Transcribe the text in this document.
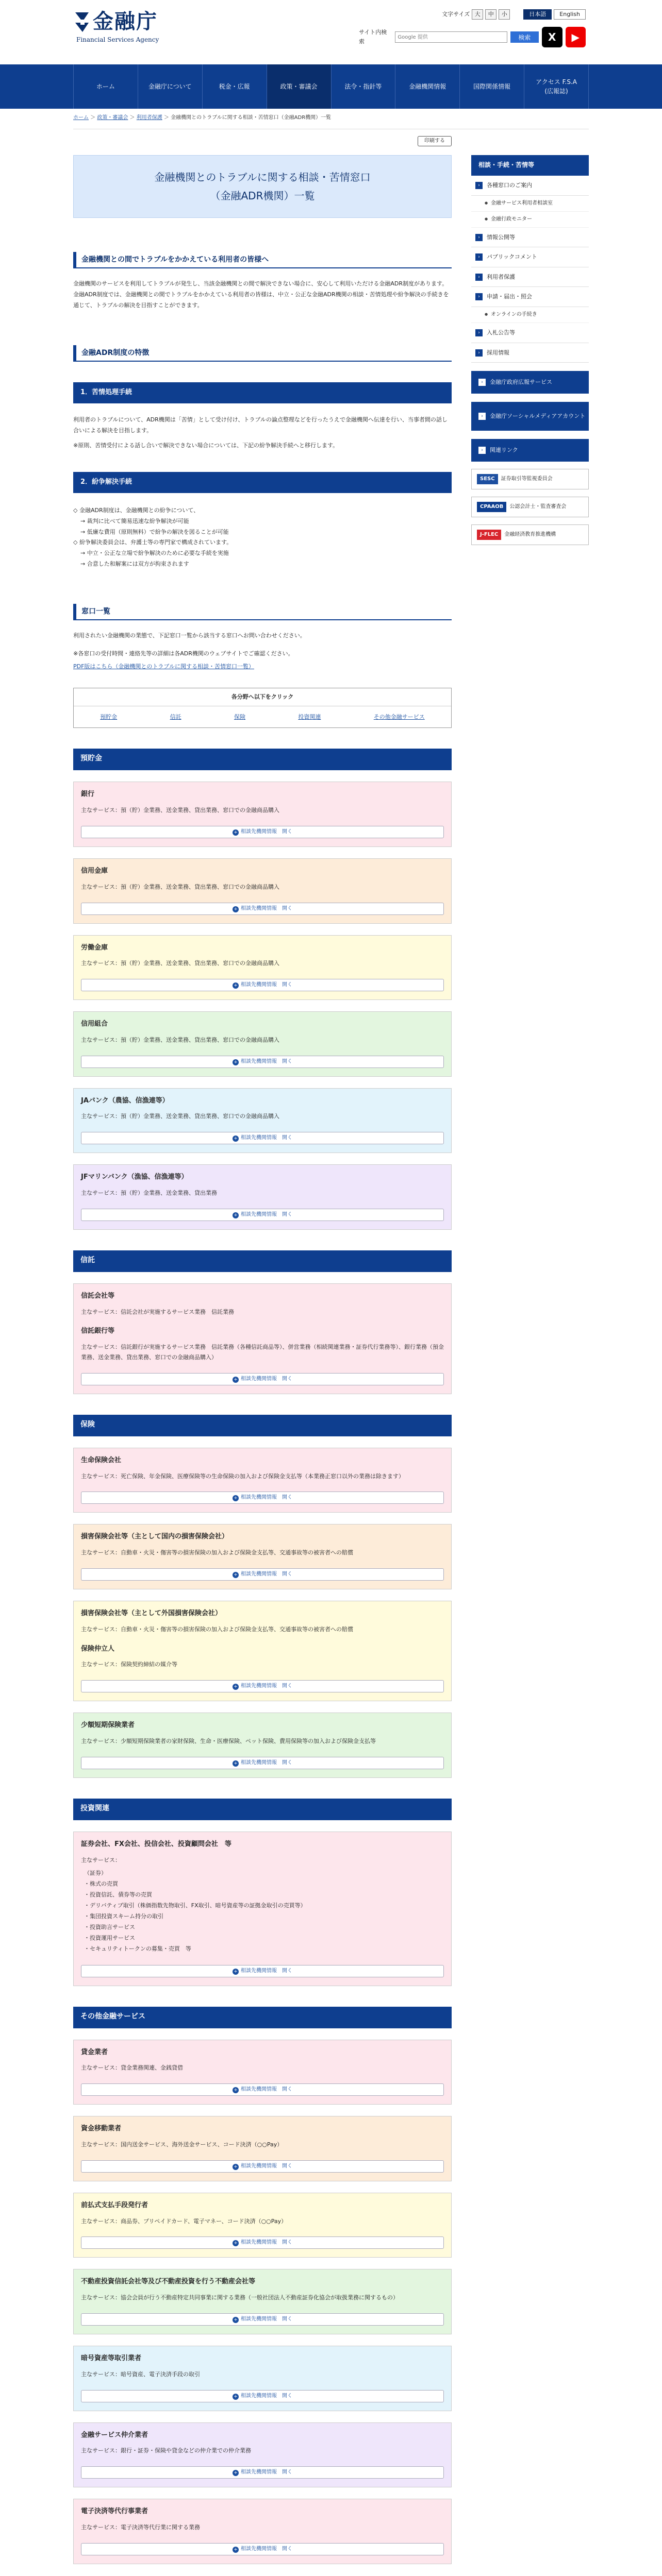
金融庁
Financial Services Agency
文字サイズ 大	中	小	日本語	English
サイト内検索
Google 提供
検索	X	▶
ホーム	金融庁について	税金・広報	政策・審議会	法令・指針等	金融機関情報	国際関係情報
アクセス F.S.A
(広報誌)
ホーム ＞ 政策・審議会 ＞ 利用者保護 ＞ 金融機関とのトラブルに関する相談・苦情窓口（金融ADR機関）一覧
印刷する
金融機関とのトラブルに関する相談・苦情窓口
（金融ADR機関）一覧
金融機関との間でトラブルをかかえている利用者の皆様へ

金融機関のサービスを利用してトラブルが発生し、当該金融機関との間で解決できない場合に、安心して利用いただける金融ADR制度があります。金融ADR制度では、金融機関との間でトラブルをかかえている利用者の皆様は、中立・公正な金融ADR機関の相談・苦情処理や紛争解決の手続きを通じて、トラブルの解決を目指すことができます。

金融ADR制度の特徴
1．苦情処理手続

利用者のトラブルについて、ADR機関は「苦情」として受け付け、トラブルの論点整理などを行ったうえで金融機関へ伝達を行い、当事者間の話し合いによる解決を目指します。

※原則、苦情受付による話し合いで解決できない場合については、下記の紛争解決手続へと移行します。

2．紛争解決手続
◇ 金融ADR制度は、金融機関との紛争について、
→ 裁判に比べて簡易迅速な紛争解決が可能
→ 低廉な費用（原則無料）で紛争の解決を図ることが可能
◇ 紛争解決委員会は、弁護士等の専門家で構成されています。
→ 中立・公正な立場で紛争解決のために必要な手続を実施
→ 合意した和解案には双方が拘束されます
窓口一覧

利用されたい金融機関の業態で、下記窓口一覧から該当する窓口へお問い合わせください。

※各窓口の受付時間・連絡先等の詳細は各ADR機関のウェブサイトでご確認ください。

PDF版はこちら（金融機関とのトラブルに関する相談・苦情窓口一覧）

各分野へ以下をクリック
預貯金	信託	保険	投資関連	その他金融サービス
預貯金
銀行
主なサービス：預（貯）金業務、送金業務、貸出業務、窓口での金融商品購入
+ 相談先機関情報　開く
信用金庫
主なサービス：預（貯）金業務、送金業務、貸出業務、窓口での金融商品購入
+ 相談先機関情報　開く
労働金庫
主なサービス：預（貯）金業務、送金業務、貸出業務、窓口での金融商品購入
+ 相談先機関情報　開く
信用組合
主なサービス：預（貯）金業務、送金業務、貸出業務、窓口での金融商品購入
+ 相談先機関情報　開く
JAバンク（農協、信漁連等）
主なサービス：預（貯）金業務、送金業務、貸出業務、窓口での金融商品購入
+ 相談先機関情報　開く
JFマリンバンク（漁協、信漁連等）
主なサービス：預（貯）金業務、送金業務、貸出業務
+ 相談先機関情報　開く
信託
信託会社等
主なサービス：信託会社が実施するサービス業務　信託業務
信託銀行等
主なサービス：信託銀行が実施するサービス業務　信託業務（各種信託商品等）、併営業務（相続関連業務・証券代行業務等）、銀行業務（預金業務、送金業務、貸出業務、窓口での金融商品購入）
+ 相談先機関情報　開く
保険
生命保険会社
主なサービス：死亡保険、年金保険、医療保険等の生命保険の加入および保険金支払等（本業務正窓口以外の業務は除きます）
+ 相談先機関情報　開く
損害保険会社等（主として国内の損害保険会社）
主なサービス：自動車・火災・傷害等の損害保険の加入および保険金支払等、交通事故等の被害者への賠償
+ 相談先機関情報　開く
損害保険会社等（主として外国損害保険会社）
主なサービス：自動車・火災・傷害等の損害保険の加入および保険金支払等、交通事故等の被害者への賠償
保険仲立人
主なサービス：保険契約締結の媒介等
+ 相談先機関情報　開く
少額短期保険業者
主なサービス：少額短期保険業者の家財保険、生命・医療保険、ペット保険、費用保険等の加入および保険金支払等
+ 相談先機関情報　開く
投資関連
証券会社、FX会社、投信会社、投資顧問会社　等
主なサービス：
（証券）
・株式の売買
・投資信託、債券等の売買
・デリバティブ取引（株価指数先物取引、FX取引、暗号資産等の証拠金取引の売買等）
・集団投資スキーム持分の取引
・投資助言サービス
・投資運用サービス
・セキュリティトークンの募集・売買　等
+ 相談先機関情報　開く
その他金融サービス
貸金業者
主なサービス：貸金業務関連、金銭貸借
+ 相談先機関情報　開く
資金移動業者
主なサービス：国内送金サービス、海外送金サービス、コード決済（○○Pay）
+ 相談先機関情報　開く
前払式支払手段発行者
主なサービス：商品券、プリペイドカード、電子マネー、コード決済（○○Pay）
+ 相談先機関情報　開く
不動産投資信託会社等及び不動産投資を行う不動産会社等
主なサービス：協会会員が行う不動産特定共同事業に関する業務（一般社団法人不動産証券化協会が取扱業務に関するもの）
+ 相談先機関情報　開く
暗号資産等取引業者
主なサービス：暗号資産、電子決済手段の取引
+ 相談先機関情報　開く
金融サービス仲介業者
主なサービス：銀行・証券・保険や貸金などの仲介業での仲介業務
+ 相談先機関情報　開く
電子決済等代行事業者
主なサービス：電子決済等代行業に関する業務
+ 相談先機関情報　開く

相談・手続・苦情等
›	各種窓口のご案内
● 金融サービス利用者相談室
● 金融行政モニター
›	情報公開等
›	パブリックコメント
›	利用者保護
›	申請・届出・照会
● オンラインの手続き
›	入札公告等
›	採用情報
›	金融庁政府広報サービス
›	金融庁ソーシャルメディアアカウント
›	関連リンク
SESC	証券取引等監視委員会
CPAAOB	公認会計士・監査審査会
J-FLEC	金融経済教育推進機構
